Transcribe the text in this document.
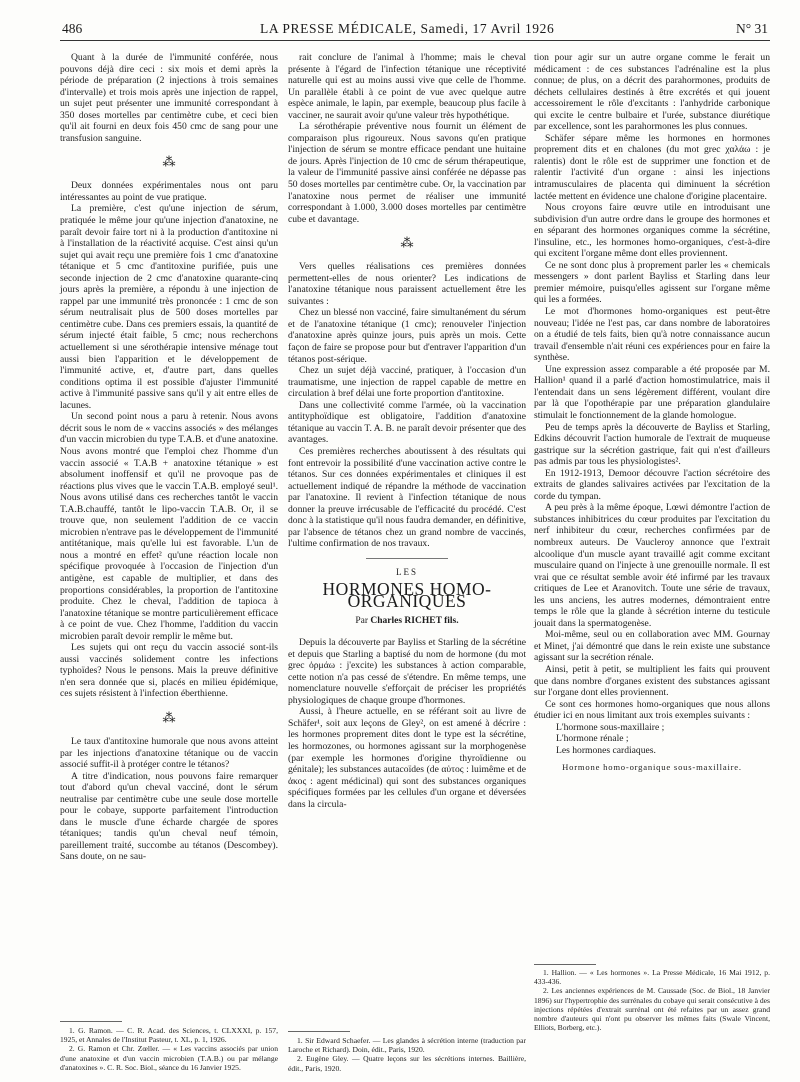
486	LA PRESSE MÉDICALE, Samedi, 17 Avril 1926	N° 31

Quant à la durée de l'immunité conférée, nous pouvons déjà dire ceci : six mois et demi après la période de préparation (2 injections à trois semaines d'intervalle) et trois mois après une injection de rappel, un sujet peut présenter une immunité correspondant à 350 doses mortelles par centimètre cube, et ceci bien qu'il ait fourni en deux fois 450 cmc de sang pour une transfusion sanguine.

⁂

Deux données expérimentales nous ont paru intéressantes au point de vue pratique.

La première, c'est qu'une injection de sérum, pratiquée le même jour qu'une injection d'anatoxine, ne paraît devoir faire tort ni à la production d'antitoxine ni à l'installation de la réactivité acquise. C'est ainsi qu'un sujet qui avait reçu une première fois 1 cmc d'anatoxine tétanique et 5 cmc d'antitoxine purifiée, puis une seconde injection de 2 cmc d'anatoxine quarante-cinq jours après la première, a répondu à une injection de rappel par une immunité très prononcée : 1 cmc de son sérum neutralisait plus de 500 doses mortelles par centimètre cube. Dans ces premiers essais, la quantité de sérum injecté était faible, 5 cmc; nous recherchons actuellement si une sérothérapie intensive ménage tout aussi bien l'apparition et le développement de l'immunité active, et, d'autre part, dans quelles conditions optima il est possible d'ajuster l'immunité active à l'immunité passive sans qu'il y ait entre elles de lacunes.

Un second point nous a paru à retenir. Nous avons décrit sous le nom de « vaccins associés » des mélanges d'un vaccin microbien du type T.A.B. et d'une anatoxine. Nous avons montré que l'emploi chez l'homme d'un vaccin associé « T.A.B + anatoxine tétanique » est absolument inoffensif et qu'il ne provoque pas de réactions plus vives que le vaccin T.A.B. employé seul¹. Nous avons utilisé dans ces recherches tantôt le vaccin T.A.B.chauffé, tantôt le lipo-vaccin T.A.B. Or, il se trouve que, non seulement l'addition de ce vaccin microbien n'entrave pas le développement de l'immunité antitétanique, mais qu'elle lui est favorable. L'un de nous a montré en effet² qu'une réaction locale non spécifique provoquée à l'occasion de l'injection d'un antigène, est capable de multiplier, et dans des proportions considérables, la proportion de l'antitoxine produite. Chez le cheval, l'addition de tapioca à l'anatoxine tétanique se montre particulièrement efficace à ce point de vue. Chez l'homme, l'addition du vaccin microbien paraît devoir remplir le même but.

Les sujets qui ont reçu du vaccin associé sont-ils aussi vaccinés solidement contre les infections typhoïdes? Nous le pensons. Mais la preuve définitive n'en sera donnée que si, placés en milieu épidémique, ces sujets résistent à l'infection éberthienne.

⁂

Le taux d'antitoxine humorale que nous avons atteint par les injections d'anatoxine tétanique ou de vaccin associé suffit-il à protéger contre le tétanos?

A titre d'indication, nous pouvons faire remarquer tout d'abord qu'un cheval vacciné, dont le sérum neutralise par centimètre cube une seule dose mortelle pour le cobaye, supporte parfaitement l'introduction dans le muscle d'une écharde chargée de spores tétaniques; tandis qu'un cheval neuf témoin, pareillement traité, succombe au tétanos (Descombey). Sans doute, on ne sau-

1. G. Ramon. — C. R. Acad. des Sciences, t. CLXXXI, p. 157, 1925, et Annales de l'Institut Pasteur, t. XL, p. 1, 1926.

2. G. Ramon et Chr. Zœller. — « Les vaccins associés par union d'une anatoxine et d'un vaccin microbien (T.A.B.) ou par mélange d'anatoxines ». C. R. Soc. Biol., séance du 16 Janvier 1925.

rait conclure de l'animal à l'homme; mais le cheval présente à l'égard de l'infection tétanique une réceptivité naturelle qui est au moins aussi vive que celle de l'homme. Un parallèle établi à ce point de vue avec quelque autre espèce animale, le lapin, par exemple, beaucoup plus facile à vacciner, ne saurait avoir qu'une valeur très hypothétique.

La sérothérapie préventive nous fournit un élément de comparaison plus rigoureux. Nous savons qu'en pratique l'injection de sérum se montre efficace pendant une huitaine de jours. Après l'injection de 10 cmc de sérum thérapeutique, la valeur de l'immunité passive ainsi conférée ne dépasse pas 50 doses mortelles par centimètre cube. Or, la vaccination par l'anatoxine nous permet de réaliser une immunité correspondant à 1.000, 3.000 doses mortelles par centimètre cube et davantage.

⁂

Vers quelles réalisations ces premières données permettent-elles de nous orienter? Les indications de l'anatoxine tétanique nous paraissent actuellement être les suivantes :

Chez un blessé non vacciné, faire simultanément du sérum et de l'anatoxine tétanique (1 cmc); renouveler l'injection d'anatoxine après quinze jours, puis après un mois. Cette façon de faire se propose pour but d'entraver l'apparition d'un tétanos post-sérique.

Chez un sujet déjà vacciné, pratiquer, à l'occasion d'un traumatisme, une injection de rappel capable de mettre en circulation à bref délai une forte proportion d'antitoxine.

Dans une collectivité comme l'armée, où la vaccination antityphoïdique est obligatoire, l'addition d'anatoxine tétanique au vaccin T. A. B. ne paraît devoir présenter que des avantages.

Ces premières recherches aboutissent à des résultats qui font entrevoir la possibilité d'une vaccination active contre le tétanos. Sur ces données expérimentales et cliniques il est actuellement indiqué de répandre la méthode de vaccination par l'anatoxine. Il revient à l'infection tétanique de nous donner la preuve irrécusable de l'efficacité du procédé. C'est donc à la statistique qu'il nous faudra demander, en définitive, par l'absence de tétanos chez un grand nombre de vaccinés, l'ultime confirmation de nos travaux.

LES
HORMONES HOMO-ORGANIQUES
Par Charles RICHET fils.

Depuis la découverte par Bayliss et Starling de la sécrétine et depuis que Starling a baptisé du nom de hormone (du mot grec ὁρμάω : j'excite) les substances à action comparable, cette notion n'a pas cessé de s'étendre. En même temps, une nomenclature nouvelle s'efforçait de préciser les propriétés physiologiques de chaque groupe d'hormones.

Aussi, à l'heure actuelle, en se référant soit au livre de Schäfer¹, soit aux leçons de Gley², on est amené à décrire : les hormones proprement dites dont le type est la sécrétine, les hormozones, ou hormones agissant sur la morphogenèse (par exemple les hormones d'origine thyroïdienne ou génitale); les substances autacoïdes (de αὐτος : luimême et de ἀκος : agent médicinal) qui sont des substances organiques spécifiques formées par les cellules d'un organe et déversées dans la circula-

1. Sir Edward Schaefer. — Les glandes à sécrétion interne (traduction par Laroche et Richard). Doin, édit., Paris, 1920.

2. Eugène Gley. — Quatre leçons sur les sécrétions internes. Baillière, édit., Paris, 1920.

tion pour agir sur un autre organe comme le ferait un médicament : de ces substances l'adrénaline est la plus connue; de plus, on a décrit des parahormones, produits de déchets cellulaires destinés à être excrétés et qui jouent accessoirement le rôle d'excitants : l'anhydride carbonique qui excite le centre bulbaire et l'urée, substance diurétique par excellence, sont les parahormones les plus connues.

Schäfer sépare même les hormones en hormones proprement dits et en chalones (du mot grec χαλάω : je ralentis) dont le rôle est de supprimer une fonction et de ralentir l'activité d'un organe : ainsi les injections intramusculaires de placenta qui diminuent la sécrétion lactée mettent en évidence une chalone d'origine placentaire.

Nous croyons faire œuvre utile en introduisant une subdivision d'un autre ordre dans le groupe des hormones et en séparant des hormones organiques comme la sécrétine, l'insuline, etc., les hormones homo-organiques, c'est-à-dire qui excitent l'organe même dont elles proviennent.

Ce ne sont donc plus à proprement parler les « chemicals messengers » dont parlent Bayliss et Starling dans leur premier mémoire, puisqu'elles agissent sur l'organe même qui les a formées.

Le mot d'hormones homo-organiques est peut-être nouveau; l'idée ne l'est pas, car dans nombre de laboratoires on a étudié de tels faits, bien qu'à notre connaissance aucun travail d'ensemble n'ait réuni ces expériences pour en faire la synthèse.

Une expression assez comparable a été proposée par M. Hallion¹ quand il a parlé d'action homostimulatrice, mais il l'entendait dans un sens légèrement différent, voulant dire par là que l'opothérapie par une préparation glandulaire stimulait le fonctionnement de la glande homologue.

Peu de temps après la découverte de Bayliss et Starling, Edkins découvrit l'action humorale de l'extrait de muqueuse gastrique sur la sécrétion gastrique, fait qui n'est d'ailleurs pas admis par tous les physiologistes².

En 1912-1913, Demoor découvre l'action sécrétoire des extraits de glandes salivaires activées par l'excitation de la corde du tympan.

A peu près à la même époque, Lœwi démontre l'action de substances inhibitrices du cœur produites par l'excitation du nerf inhibiteur du cœur, recherches confirmées par de nombreux auteurs. De Vaucleroy annonce que l'extrait alcoolique d'un muscle ayant travaillé agit comme excitant musculaire quand on l'injecte à une grenouille normale. Il est vrai que ce résultat semble avoir été infirmé par les travaux critiques de Lee et Aranovitch. Toute une série de travaux, les uns anciens, les autres modernes, démontraient entre temps le rôle que la glande à sécrétion interne du testicule jouait dans la spermatogenèse.

Moi-même, seul ou en collaboration avec MM. Gournay et Minet, j'ai démontré que dans le rein existe une substance agissant sur la secrétion rénale.

Ainsi, petit à petit, se multiplient les faits qui prouvent que dans nombre d'organes existent des substances agissant sur l'organe dont elles proviennent.

Ce sont ces hormones homo-organiques que nous allons étudier ici en nous limitant aux trois exemples suivants :

L'hormone sous-maxillaire ;
L'hormone rénale ;
Les hormones cardiaques.
Hormone homo-organique sous-maxillaire.

1. Hallion. — « Les hormones ». La Presse Médicale, 16 Mai 1912, p. 433-436.

2. Les anciennes expériences de M. Caussade (Soc. de Biol., 18 Janvier 1896) sur l'hypertrophie des surrénales du cobaye qui serait consécutive à des injections répétées d'extrait surrénal ont été refaites par un assez grand nombre d'auteurs qui n'ont pu observer les mêmes faits (Swale Vincent, Elliots, Borberg, etc.).
